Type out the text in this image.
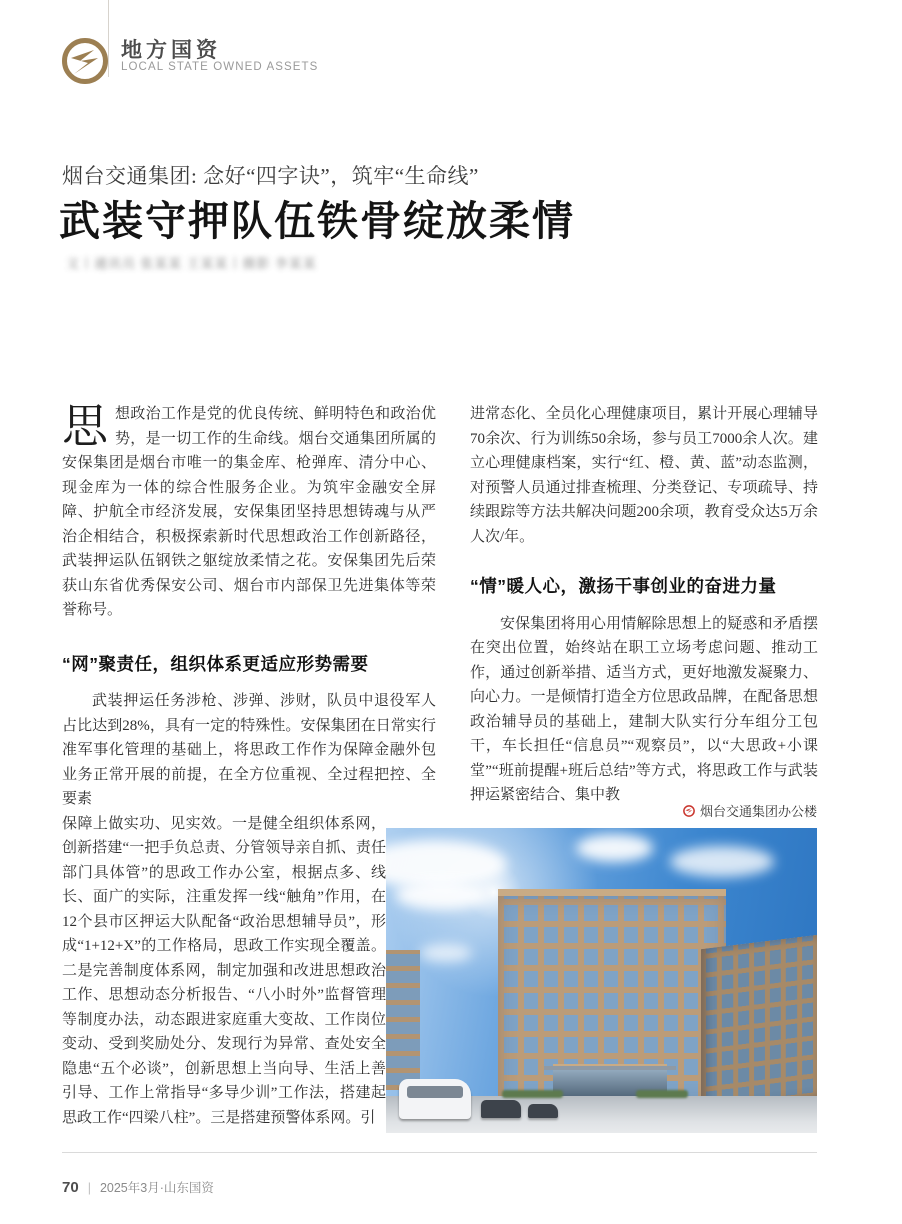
地方国资
LOCAL STATE OWNED ASSETS
烟台交通集团: 念好“四字诀”，筑牢“生命线”
武装守押队伍铁骨绽放柔情
文丨通讯员 张某某 王某某丨摄影 李某某

思想政治工作是党的优良传统、鲜明特色和政治优势，是一切工作的生命线。烟台交通集团所属的安保集团是烟台市唯一的集金库、枪弹库、清分中心、现金库为一体的综合性服务企业。为筑牢金融安全屏障、护航全市经济发展，安保集团坚持思想铸魂与从严治企相结合，积极探索新时代思想政治工作创新路径，武装押运队伍钢铁之躯绽放柔情之花。安保集团先后荣获山东省优秀保安公司、烟台市内部保卫先进集体等荣誉称号。

“网”聚责任，组织体系更适应形势需要

武装押运任务涉枪、涉弹、涉财，队员中退役军人占比达到28%，具有一定的特殊性。安保集团在日常实行准军事化管理的基础上，将思政工作作为保障金融外包业务正常开展的前提，在全方位重视、全过程把控、全要素

保障上做实功、见实效。一是健全组织体系网，创新搭建“一把手负总责、分管领导亲自抓、责任部门具体管”的思政工作办公室，根据点多、线长、面广的实际，注重发挥一线“触角”作用，在12个县市区押运大队配备“政治思想辅导员”，形成“1+12+X”的工作格局，思政工作实现全覆盖。二是完善制度体系网，制定加强和改进思想政治工作、思想动态分析报告、“八小时外”监督管理等制度办法，动态跟进家庭重大变故、工作岗位变动、受到奖励处分、发现行为异常、查处安全隐患“五个必谈”，创新思想上当向导、生活上善引导、工作上常指导“多导少训”工作法，搭建起思政工作“四梁八柱”。三是搭建预警体系网。引

进常态化、全员化心理健康项目，累计开展心理辅导70余次、行为训练50余场，参与员工7000余人次。建立心理健康档案，实行“红、橙、黄、蓝”动态监测，对预警人员通过排查梳理、分类登记、专项疏导、持续跟踪等方法共解决问题200余项，教育受众达5万余人次/年。

“情”暖人心，激扬干事创业的奋进力量

安保集团将用心用情解除思想上的疑惑和矛盾摆在突出位置，始终站在职工立场考虑问题、推动工作，通过创新举措、适当方式，更好地激发凝聚力、向心力。一是倾情打造全方位思政品牌，在配备思想政治辅导员的基础上，建制大队实行分车组分工包干，车长担任“信息员”“观察员”，以“大思政+小课堂”“班前提醒+班后总结”等方式，将思政工作与武装押运紧密结合、集中教

烟台交通集团办公楼
70 | 2025年3月·山东国资
